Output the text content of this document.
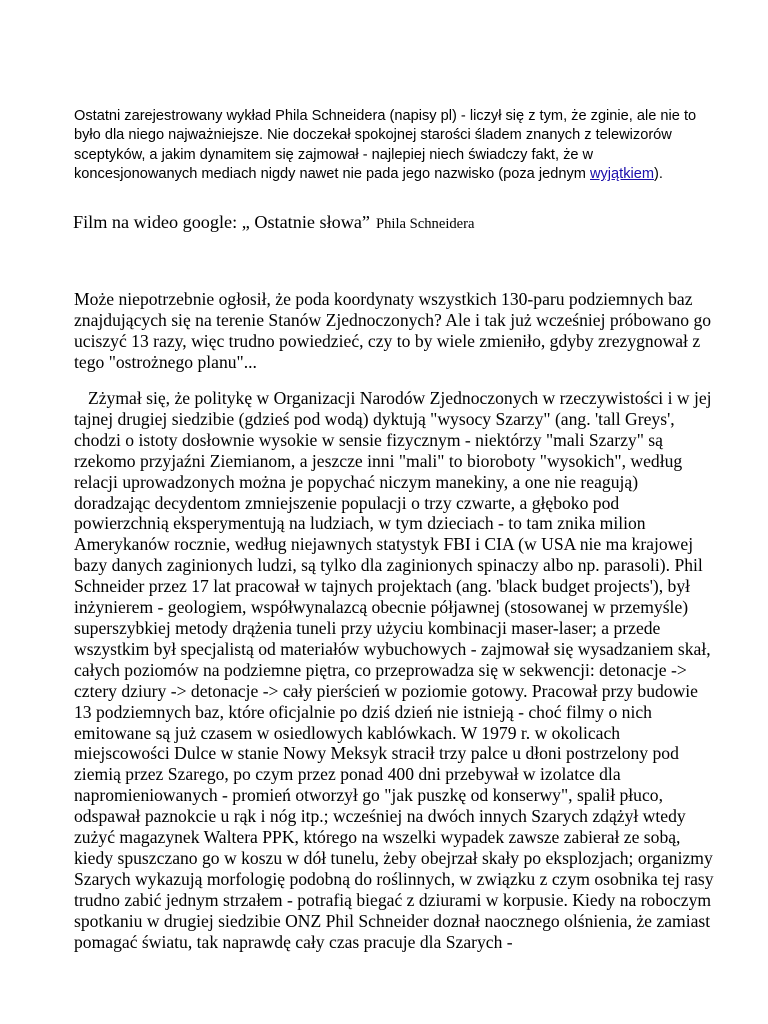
Ostatni zarejestrowany wykład Phila Schneidera (napisy pl) - liczył się z tym, że zginie, ale nie to było dla niego najważniejsze. Nie doczekał spokojnej starości śladem znanych z telewizorów sceptyków, a jakim dynamitem się zajmował - najlepiej niech świadczy fakt, że w koncesjonowanych mediach nigdy nawet nie pada jego nazwisko (poza jednym wyjątkiem).

Film na wideo google: „ Ostatnie słowa” Phila Schneidera

Może niepotrzebnie ogłosił, że poda koordynaty wszystkich 130-paru podziemnych baz znajdujących się na terenie Stanów Zjednoczonych? Ale i tak już wcześniej próbowano go uciszyć 13 razy, więc trudno powiedzieć, czy to by wiele zmieniło, gdyby zrezygnował z tego "ostrożnego planu"...

Zżymał się, że politykę w Organizacji Narodów Zjednoczonych w rzeczywistości i w jej tajnej drugiej siedzibie (gdzieś pod wodą) dyktują "wysocy Szarzy" (ang. 'tall Greys', chodzi o istoty dosłownie wysokie w sensie fizycznym - niektórzy "mali Szarzy" są rzekomo przyjaźni Ziemianom, a jeszcze inni "mali" to bioroboty "wysokich", według relacji uprowadzonych można je popychać niczym manekiny, a one nie reagują) doradzając decydentom zmniejszenie populacji o trzy czwarte, a głęboko pod powierzchnią eksperymentują na ludziach, w tym dzieciach - to tam znika milion Amerykanów rocznie, według niejawnych statystyk FBI i CIA (w USA nie ma krajowej bazy danych zaginionych ludzi, są tylko dla zaginionych spinaczy albo np. parasoli). Phil Schneider przez 17 lat pracował w tajnych projektach (ang. 'black budget projects'), był inżynierem - geologiem, współwynalazcą obecnie półjawnej (stosowanej w przemyśle) superszybkiej metody drążenia tuneli przy użyciu kombinacji maser-laser; a przede wszystkim był specjalistą od materiałów wybuchowych - zajmował się wysadzaniem skał, całych poziomów na podziemne piętra, co przeprowadza się w sekwencji: detonacje -> cztery dziury -> detonacje -> cały pierścień w poziomie gotowy. Pracował przy budowie 13 podziemnych baz, które oficjalnie po dziś dzień nie istnieją - choć filmy o nich emitowane są już czasem w osiedlowych kablówkach. W 1979 r. w okolicach miejscowości Dulce w stanie Nowy Meksyk stracił trzy palce u dłoni postrzelony pod ziemią przez Szarego, po czym przez ponad 400 dni przebywał w izolatce dla napromieniowanych - promień otworzył go "jak puszkę od konserwy", spalił płuco, odspawał paznokcie u rąk i nóg itp.; wcześniej na dwóch innych Szarych zdążył wtedy zużyć magazynek Waltera PPK, którego na wszelki wypadek zawsze zabierał ze sobą, kiedy spuszczano go w koszu w dół tunelu, żeby obejrzał skały po eksplozjach; organizmy Szarych wykazują morfologię podobną do roślinnych, w związku z czym osobnika tej rasy trudno zabić jednym strzałem - potrafią biegać z dziurami w korpusie. Kiedy na roboczym spotkaniu w drugiej siedzibie ONZ Phil Schneider doznał naocznego olśnienia, że zamiast pomagać światu, tak naprawdę cały czas pracuje dla Szarych -
